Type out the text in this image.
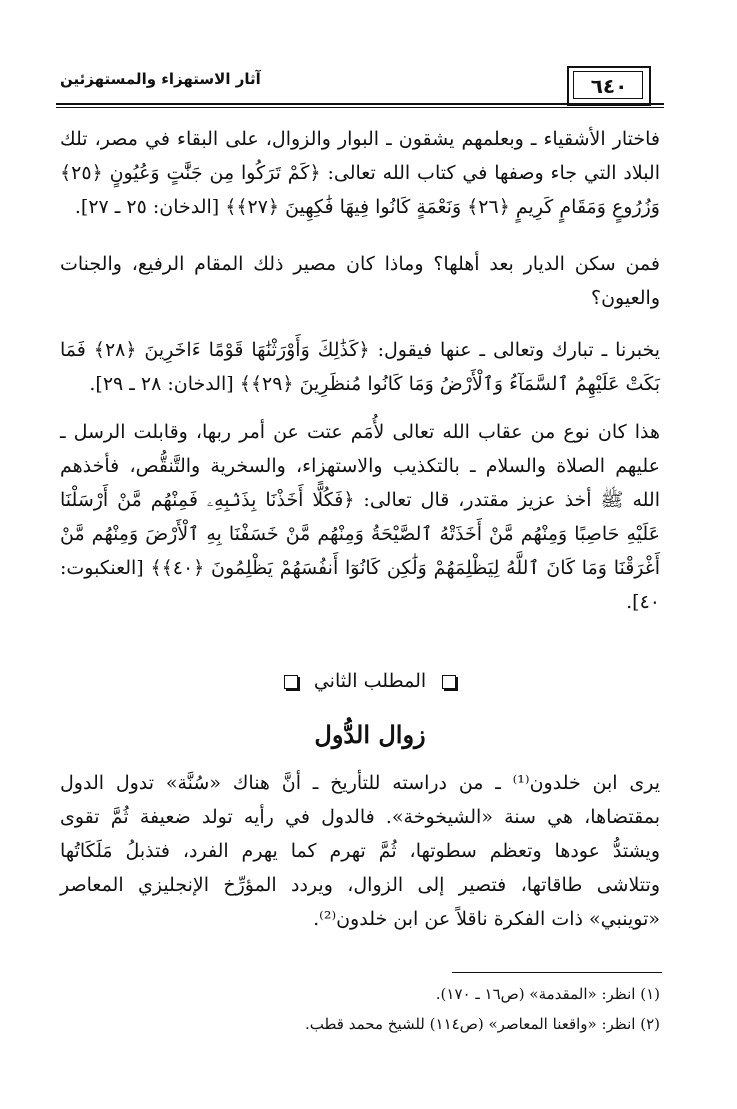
٦٤٠
آثار الاستهزاء والمستهزئين
فاختار الأشقياء ـ وبعلمهم يشقون ـ البوار والزوال، على البقاء في مصر، تلك البلاد التي جاء وصفها في كتاب الله تعالى: ﴿كَمْ تَرَكُوا مِن جَنَّٰتٍ وَعُيُونٍ ﴿٢٥﴾ وَزُرُوعٍ وَمَقَامٍ كَرِيمٍ ﴿٢٦﴾ وَنَعْمَةٍ كَانُوا فِيهَا فَٰكِهِينَ ﴿٢٧﴾﴾ [الدخان: ٢٥ ـ ٢٧].
فمن سكن الديار بعد أهلها؟ وماذا كان مصير ذلك المقام الرفيع، والجنات والعيون؟
يخبرنا ـ تبارك وتعالى ـ عنها فيقول: ﴿كَذَٰلِكَ وَأَوْرَثْنَٰهَا قَوْمًا ءَاخَرِينَ ﴿٢٨﴾ فَمَا بَكَتْ عَلَيْهِمُ ٱلسَّمَآءُ وَٱلْأَرْضُ وَمَا كَانُوا مُنظَرِينَ ﴿٢٩﴾﴾ [الدخان: ٢٨ ـ ٢٩].
هذا كان نوع من عقاب الله تعالى لأُمَم عتت عن أمر ربها، وقابلت الرسل ـ عليهم الصلاة والسلام ـ بالتكذيب والاستهزاء، والسخرية والتَّنقُّص، فأخذهم الله ﷺ أخذ عزيز مقتدر، قال تعالى: ﴿فَكُلًّا أَخَذْنَا بِذَنۢبِهِۦ فَمِنْهُم مَّنْ أَرْسَلْنَا عَلَيْهِ حَاصِبًا وَمِنْهُم مَّنْ أَخَذَتْهُ ٱلصَّيْحَةُ وَمِنْهُم مَّنْ خَسَفْنَا بِهِ ٱلْأَرْضَ وَمِنْهُم مَّنْ أَغْرَقْنَا وَمَا كَانَ ٱللَّهُ لِيَظْلِمَهُمْ وَلَٰكِن كَانُوٓا أَنفُسَهُمْ يَظْلِمُونَ ﴿٤٠﴾﴾ [العنكبوت: ٤٠].
المطلب الثاني
زوال الدُّول
يرى ابن خلدون⁽¹⁾ ـ من دراسته للتأريخ ـ أنَّ هناك «سُنَّة» تدول الدول بمقتضاها، هي سنة «الشيخوخة». فالدول في رأيه تولد ضعيفة ثُمَّ تقوى ويشتدُّ عودها وتعظم سطوتها، ثُمَّ تهرم كما يهرم الفرد، فتذبلُ مَلَكَاتُها وتتلاشى طاقاتها، فتصير إلى الزوال، ويردد المؤرِّخ الإنجليزي المعاصر «توينبي» ذات الفكرة ناقلاً عن ابن خلدون⁽²⁾.
(١) انظر: «المقدمة» (ص١٦ ـ ١٧٠).
(٢) انظر: «واقعنا المعاصر» (ص١١٤) للشيخ محمد قطب.
